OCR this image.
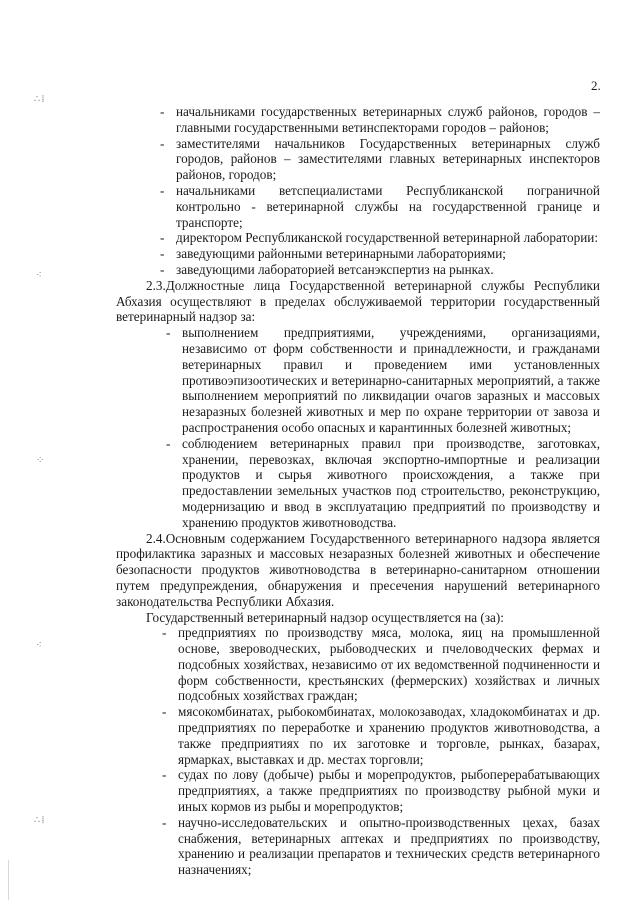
∴⁞
⁖
⁘
⁖
∴⁞
2.
- начальниками государственных ветеринарных служб районов, городов – главными государственными ветинспекторами городов – районов;
- заместителями начальников Государственных ветеринарных служб городов, районов – заместителями главных ветеринарных инспекторов районов, городов;
- начальниками ветспециалистами Республиканской пограничной контрольно - ветеринарной службы на государственной границе и транспорте;
- директором Республиканской государственной ветеринарной лаборатории:
- заведующими районными ветеринарными лабораториями;
- заведующими лабораторией ветсанэкспертиз на рынках.
2.3.Должностные лица Государственной ветеринарной службы Республики Абхазия осуществляют в пределах обслуживаемой территории государственный ветеринарный надзор за:
- выполнением предприятиями, учреждениями, организациями, независимо от форм собственности и принадлежности, и гражданами ветеринарных правил и проведением ими установленных противоэпизоотических и ветеринарно-санитарных мероприятий, а также выполнением мероприятий по ликвидации очагов заразных и массовых незаразных болезней животных и мер по охране территории от завоза и распространения особо опасных и карантинных болезней животных;
- соблюдением ветеринарных правил при производстве, заготовках, хранении, перевозках, включая экспортно-импортные и реализации продуктов и сырья животного происхождения, а также при предоставлении земельных участков под строительство, реконструкцию, модернизацию и ввод в эксплуатацию предприятий по производству и хранению продуктов животноводства.
2.4.Основным содержанием Государственного ветеринарного надзора является профилактика заразных и массовых незаразных болезней животных и обеспечение безопасности продуктов животноводства в ветеринарно-санитарном отношении путем предупреждения, обнаружения и пресечения нарушений ветеринарного законодательства Республики Абхазия.
Государственный ветеринарный надзор осуществляется на (за):
- предприятиях по производству мяса, молока, яиц на промышленной основе, звероводческих, рыбоводческих и пчеловодческих фермах и подсобных хозяйствах, независимо от их ведомственной подчиненности и форм собственности, крестьянских (фермерских) хозяйствах и личных подсобных хозяйствах граждан;
- мясокомбинатах, рыбокомбинатах, молокозаводах, хладокомбинатах и др. предприятиях по переработке и хранению продуктов животноводства, а также предприятиях по их заготовке и торговле, рынках, базарах, ярмарках, выставках и др. местах торговли;
- судах по лову (добыче) рыбы и морепродуктов, рыбоперерабатывающих предприятиях, а также предприятиях по производству рыбной муки и иных кормов из рыбы и морепродуктов;
- научно-исследовательских и опытно-производственных цехах, базах снабжения, ветеринарных аптеках и предприятиях по производству, хранению и реализации препаратов и технических средств ветеринарного назначениях;
